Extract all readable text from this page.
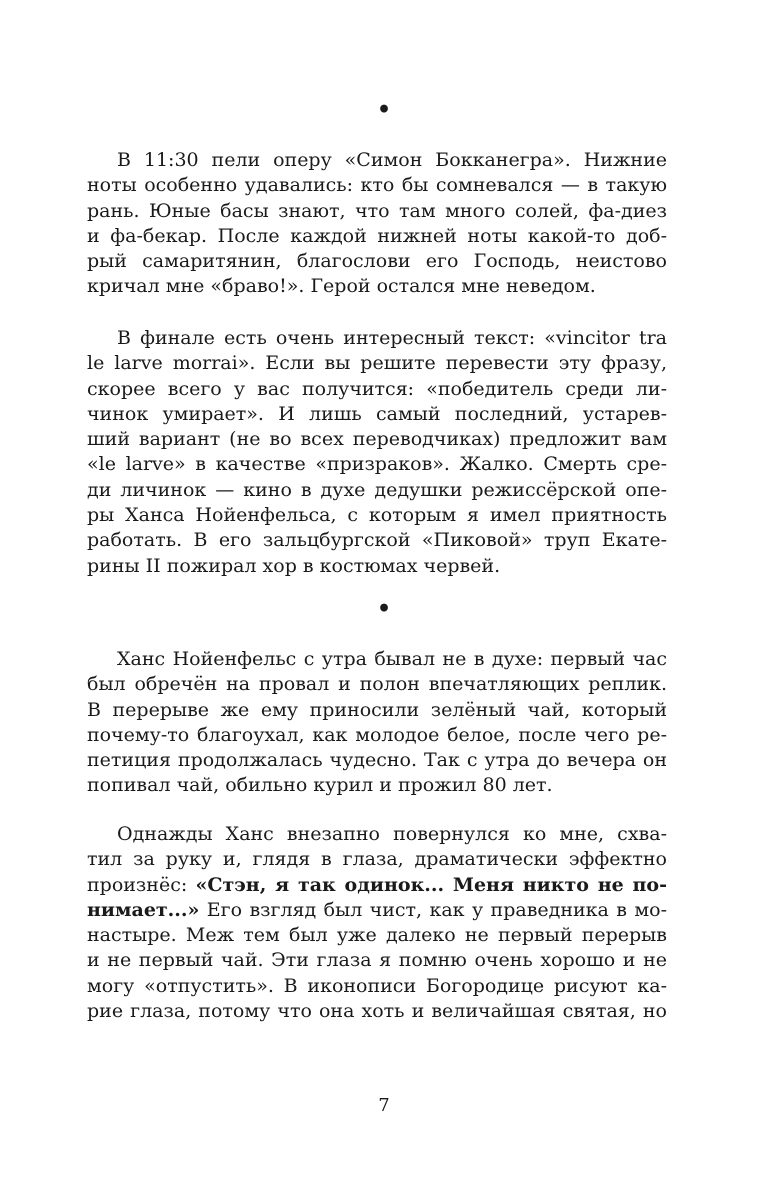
•
В 11:30 пели оперу «Симон Бокканегра». Нижние
ноты особенно удавались: кто бы сомневался — в такую
рань. Юные басы знают, что там много солей, фа-диез
и фа-бекар. После каждой нижней ноты какой-то доб-
рый самаритянин, благослови его Господь, неистово
кричал мне «браво!». Герой остался мне неведом.
В финале есть очень интересный текст: «vincitor tra
le larve morrai». Если вы решите перевести эту фразу,
скорее всего у вас получится: «победитель среди ли-
чинок умирает». И лишь самый последний, устарев-
ший вариант (не во всех переводчиках) предложит вам
«le larve» в качестве «призраков». Жалко. Смерть сре-
ди личинок — кино в духе дедушки режиссёрской опе-
ры Ханса Нойенфельса, с которым я имел приятность
работать. В его зальцбургской «Пиковой» труп Екате-
рины II пожирал хор в костюмах червей.
•
Ханс Нойенфельс с утра бывал не в духе: первый час
был обречён на провал и полон впечатляющих реплик.
В перерыве же ему приносили зелёный чай, который
почему-то благоухал, как молодое белое, после чего ре-
петиция продолжалась чудесно. Так с утра до вечера он
попивал чай, обильно курил и прожил 80 лет.
Однажды Ханс внезапно повернулся ко мне, схва-
тил за руку и, глядя в глаза, драматически эффектно
произнёс: «Стэн, я так одинок... Меня никто не по-
нимает...» Его взгляд был чист, как у праведника в мо-
настыре. Меж тем был уже далеко не первый перерыв
и не первый чай. Эти глаза я помню очень хорошо и не
могу «отпустить». В иконописи Богородице рисуют ка-
рие глаза, потому что она хоть и величайшая святая, но
7
